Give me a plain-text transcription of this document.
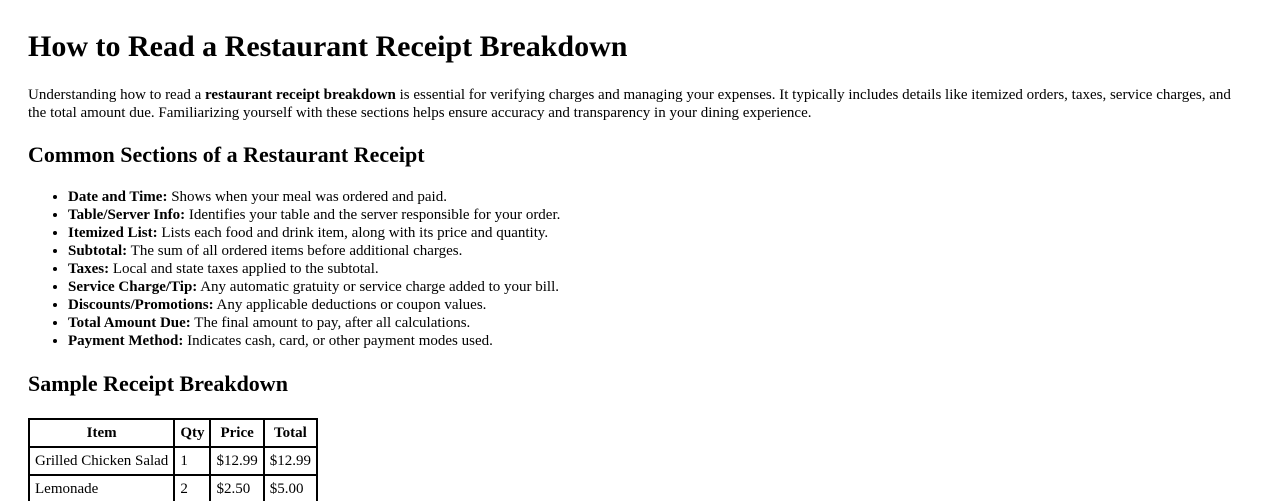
How to Read a Restaurant Receipt Breakdown

Understanding how to read a restaurant receipt breakdown is essential for verifying charges and managing your expenses. It typically includes details like itemized orders, taxes, service charges, and the total amount due. Familiarizing yourself with these sections helps ensure accuracy and transparency in your dining experience.

Common Sections of a Restaurant Receipt
• Date and Time: Shows when your meal was ordered and paid.
• Table/Server Info: Identifies your table and the server responsible for your order.
• Itemized List: Lists each food and drink item, along with its price and quantity.
• Subtotal: The sum of all ordered items before additional charges.
• Taxes: Local and state taxes applied to the subtotal.
• Service Charge/Tip: Any automatic gratuity or service charge added to your bill.
• Discounts/Promotions: Any applicable deductions or coupon values.
• Total Amount Due: The final amount to pay, after all calculations.
• Payment Method: Indicates cash, card, or other payment modes used.
Sample Receipt Breakdown
Item	Qty	Price	Total
Grilled Chicken Salad	1	$12.99	$12.99
Lemonade	2	$2.50	$5.00
